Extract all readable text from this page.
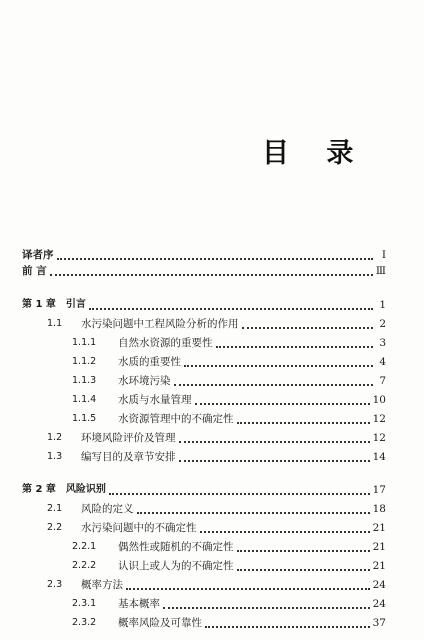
目 录
译者序	Ⅰ
前 言	Ⅲ
第 1 章 引言	1
1.1	水污染问题中工程风险分析的作用	2
1.1.1	自然水资源的重要性	3
1.1.2	水质的重要性	4
1.1.3	水环境污染	7
1.1.4	水质与水量管理	10
1.1.5	水资源管理中的不确定性	12
1.2	环境风险评价及管理	12
1.3	编写目的及章节安排	14
第 2 章 风险识别	17
2.1	风险的定义	18
2.2	水污染问题中的不确定性	21
2.2.1	偶然性或随机的不确定性	21
2.2.2	认识上或人为的不确定性	21
2.3	概率方法	24
2.3.1	基本概率	24
2.3.2	概率风险及可靠性	37
